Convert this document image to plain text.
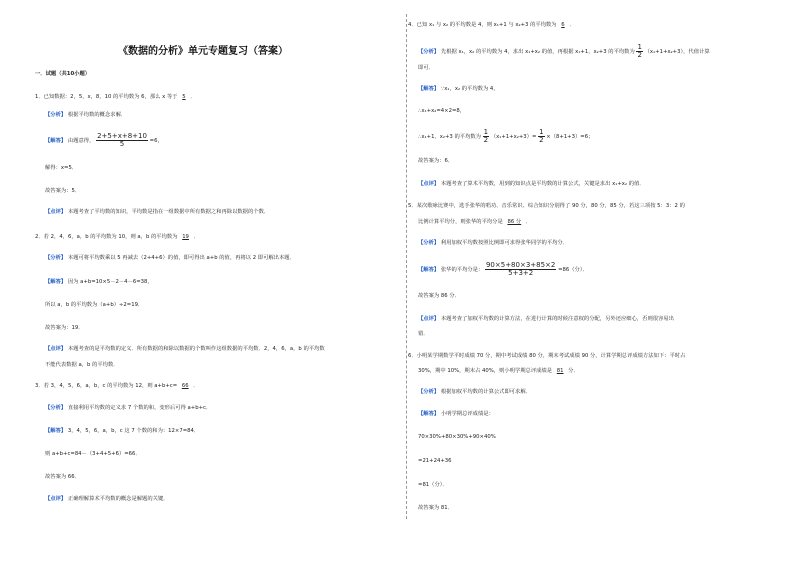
《数据的分析》单元专题复习（答案）
一．试题（共10小题）
1．已知数据：2，5，x，8，10 的平均数为 6，那么 x 等于 5 ．
【分析】 根据平均数的概念求解．
【解答】 由题意得， $\frac{2+5+x+8+10}{5} =6$，
解得：x=5．
故答案为：5．
【点评】 本题考查了平均数的知识，平均数是指在一组数据中所有数据之和再除以数据的个数．
2．若 2，4，6，a，b 的平均数为 10，则 a，b 的平均数为 19 ．
【分析】 本题可将平均数乘以 5 再减去（2+4+6）的值，即可得出 a+b 的值，再将以 2 即可解出本题．
【解答】 因为 a+b=10×5－2－4－6=38，
所以 a，b 的平均数为（a+b）÷2=19．
故答案为：19．
【点评】 本题考查的是平均数的定义．所有数据的和除以数据的个数叫作这组数据的平均数．2，4，6，a，b 的平均数
不能代表数据 a，b 的平均数．
3．若 3，4，5，6，a，b，c 的平均数为 12，则 a+b+c= 66 ．
【分析】 直接利用平均数的定义求 7 个数的和，变形后可得 a+b+c．
【解答】 3，4，5，6，a，b，c 这 7 个数的和为：12×7=84．
则 a+b+c=84－（3+4+5+6）=66．
故答案为 66．
【点评】 正确理解算术平均数的概念是解题的关键．
4．已知 x₁ 与 x₂ 的平均数是 4，则 x₁+1 与 x₂+3 的平均数为 6 ．
【分析】 先根据 x₁，x₂ 的平均数为 4，求出 x₁+x₂ 的值，再根据 x₁+1，x₂+3 的平均数为 $\frac{1}{2} (x_1+1+x_2+3)$，代值计算
即可．
【解答】 ∵x₁，x₂ 的平均数为 4，
∴x₁+x₂=4×2=8，
∴x₁+1，x₂+3 的平均数为 $\frac{1}{2} (x_1+1+x_2+3)= \frac{1}{2} \times(8+1+3)=6$；
故答案为：6．
【点评】 本题考查了算术平均数，用到的知识点是平均数的计算公式，关键是求出 x₁+x₂ 的值．
5．某次歌咏比赛中，选手张华的唱功、音乐常识、综合知识分别得了 90 分，80 分，85 分，若这三项按 5：3：2 的
比例计算平均分，则张华的平均分是 86 分 ．
【分析】 利用加权平均数按照比例即可求得张华同学的平均分．
【解答】 张华的平均分是： $\frac{90\times 5+80\times 3+85\times 2}{5+3+2} =86$（分）．
故答案为 86 分．
【点评】 本题考查了加权平均数的计算方法，在进行计算的时候注意权的分配，另外还应细心，否则很容易出
错．
6．小明某学期数学平时成绩 70 分，期中考试成绩 80 分，期末考试成绩 90 分，计算学期总评成绩方法如下：平时占
30%，期中 10%，期末占 40%，则小明学期总评成绩是 81 分．
【分析】 根据加权平均数的计算公式即可求解．
【解答】 小明学期总评成绩是：
70×30%+80×30%+90×40%
=21+24+36
=81（分）．
故答案为 81．
